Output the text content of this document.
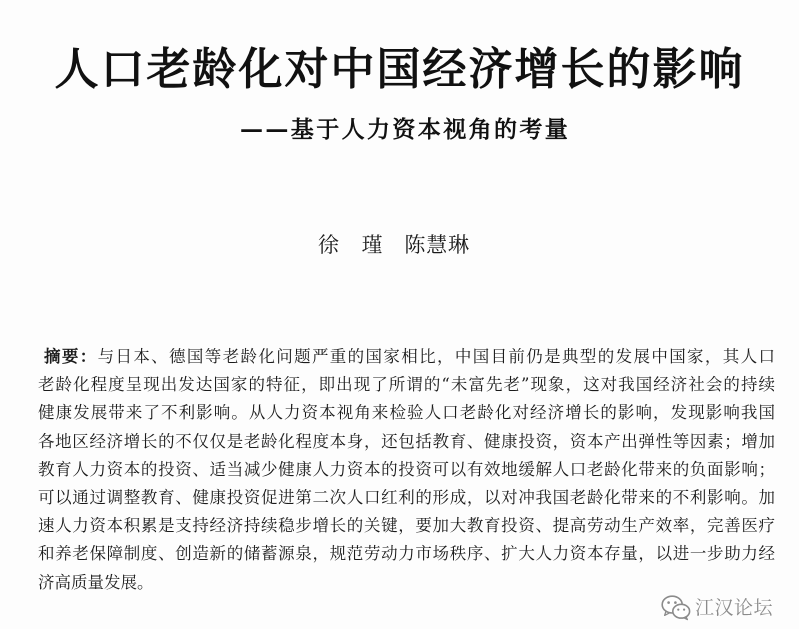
人口老龄化对中国经济增长的影响
——基于人力资本视角的考量
徐　瑾 陈慧琳
摘要：与日本、德国等老龄化问题严重的国家相比，中国目前仍是典型的发展中国家，其人口
老龄化程度呈现出发达国家的特征，即出现了所谓的“未富先老”现象，这对我国经济社会的持续
健康发展带来了不利影响。从人力资本视角来检验人口老龄化对经济增长的影响，发现影响我国
各地区经济增长的不仅仅是老龄化程度本身，还包括教育、健康投资，资本产出弹性等因素；增加
教育人力资本的投资、适当减少健康人力资本的投资可以有效地缓解人口老龄化带来的负面影响；
可以通过调整教育、健康投资促进第二次人口红利的形成，以对冲我国老龄化带来的不利影响。加
速人力资本积累是支持经济持续稳步增长的关键，要加大教育投资、提高劳动生产效率，完善医疗
和养老保障制度、创造新的储蓄源泉，规范劳动力市场秩序、扩大人力资本存量，以进一步助力经
济高质量发展。
江汉论坛
